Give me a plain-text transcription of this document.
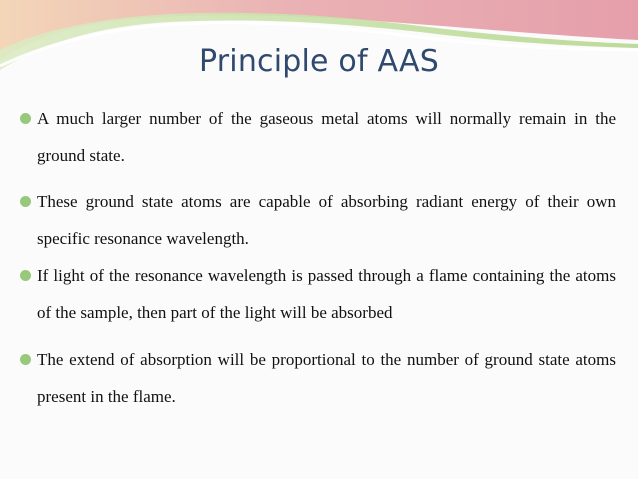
Principle of AAS
A much larger number of the gaseous metal atoms will normally remain in the ground state.
These ground state atoms are capable of absorbing radiant energy of their own specific resonance wavelength.
If light of the resonance wavelength is passed through a flame containing the atoms of the sample, then part of the light will be absorbed
The extend of absorption will be proportional to the number of ground state atoms present in the flame.
